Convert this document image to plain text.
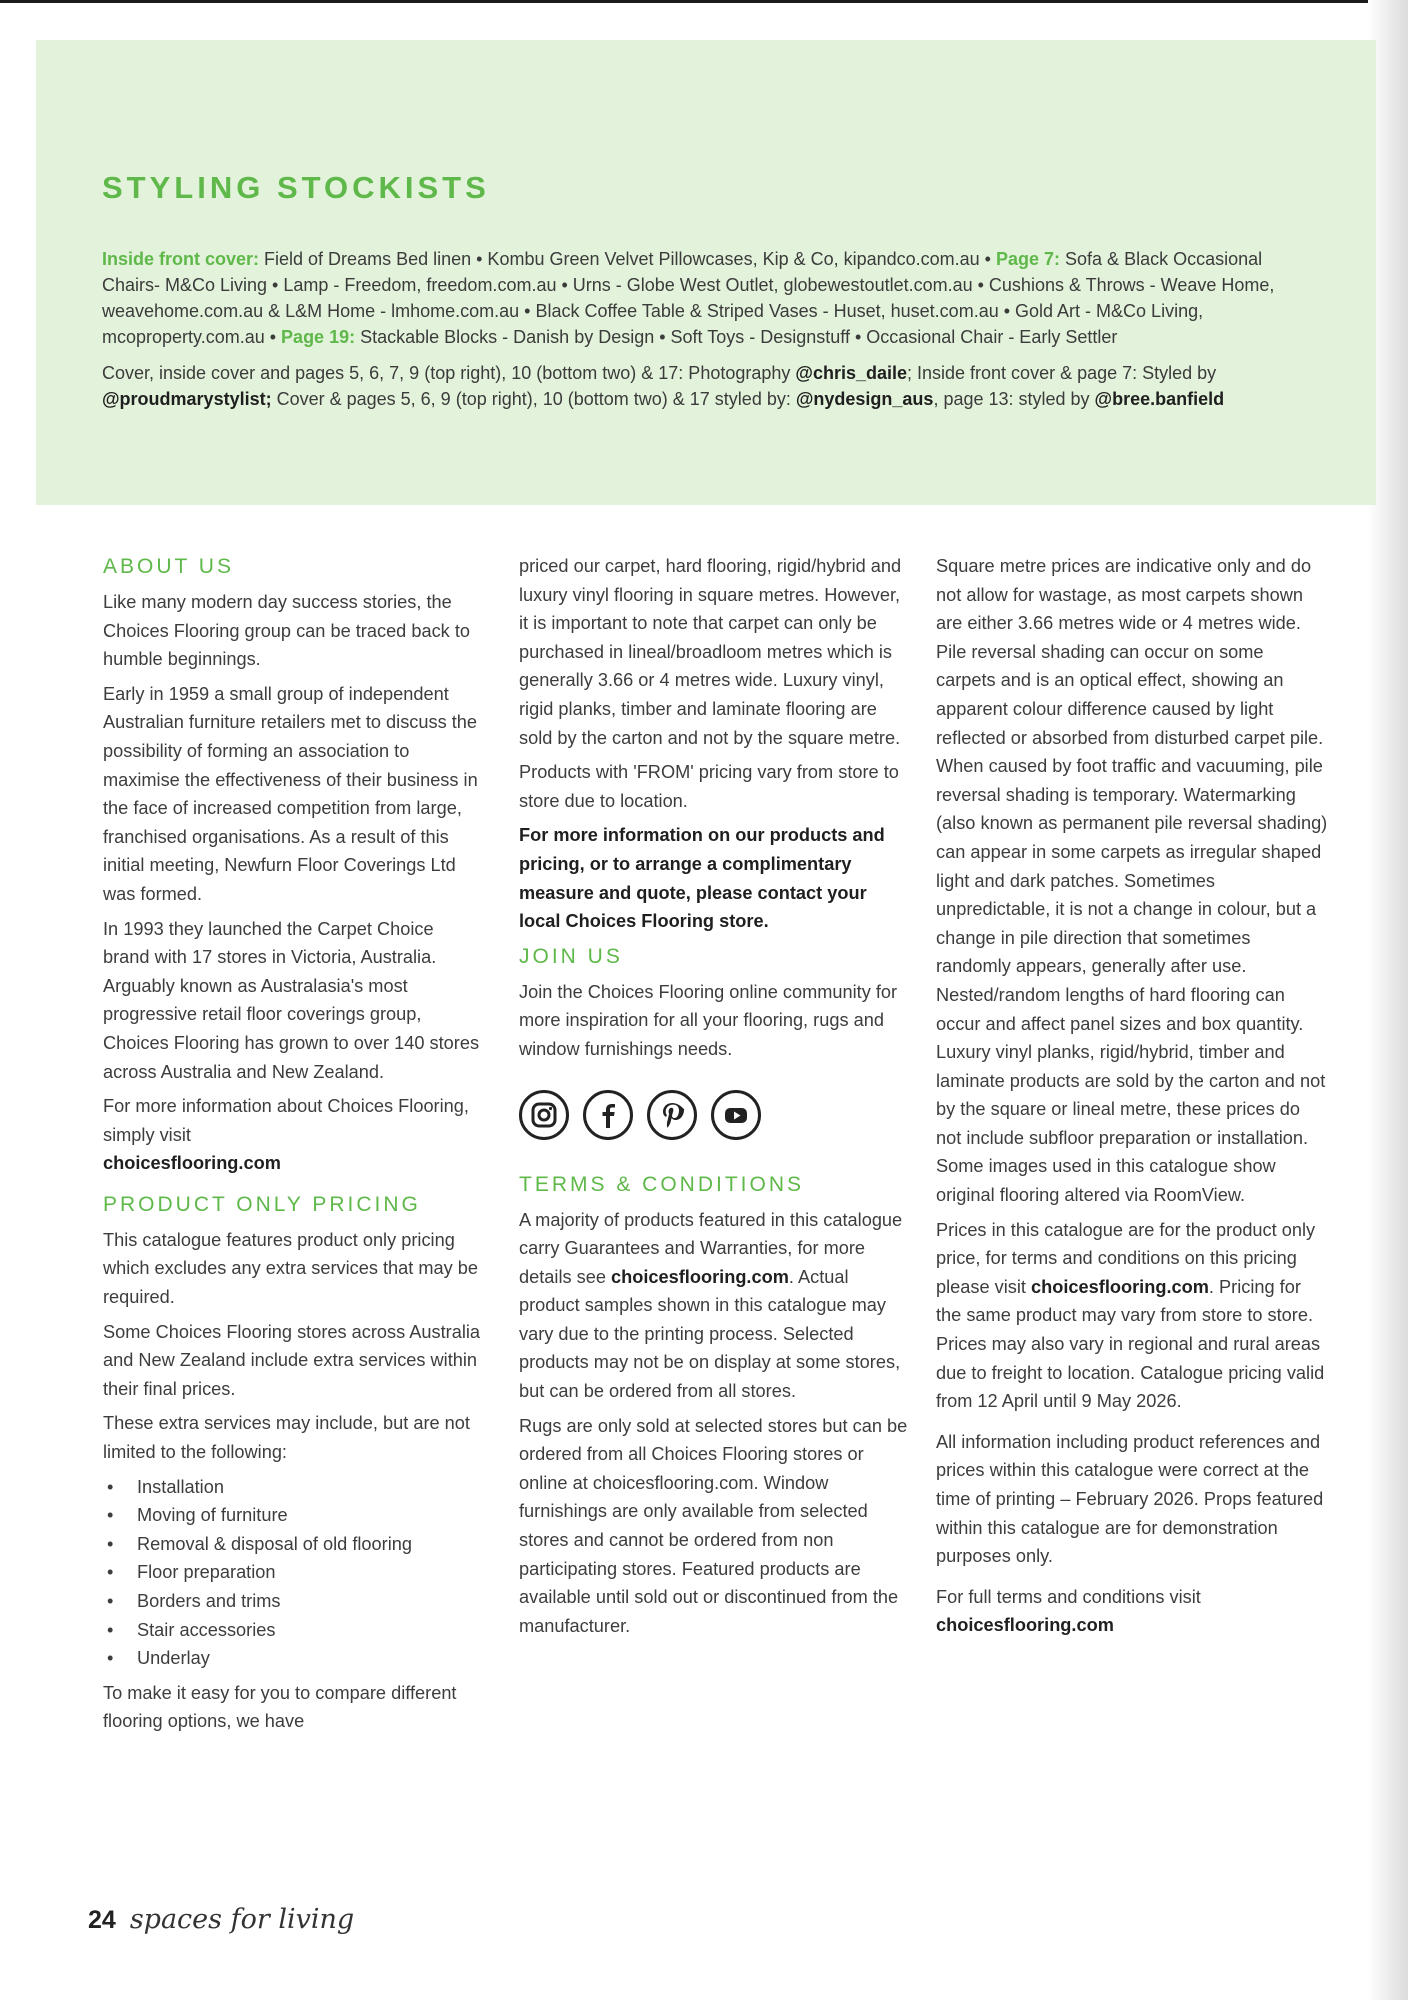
STYLING STOCKISTS

Inside front cover: Field of Dreams Bed linen • Kombu Green Velvet Pillowcases, Kip & Co, kipandco.com.au • Page 7: Sofa & Black Occasional Chairs- M&Co Living • Lamp - Freedom, freedom.com.au • Urns - Globe West Outlet, globewestoutlet.com.au • Cushions & Throws - Weave Home, weavehome.com.au & L&M Home - lmhome.com.au • Black Coffee Table & Striped Vases - Huset, huset.com.au • Gold Art - M&Co Living, mcoproperty.com.au • Page 19: Stackable Blocks - Danish by Design • Soft Toys - Designstuff • Occasional Chair - Early Settler

Cover, inside cover and pages 5, 6, 7, 9 (top right), 10 (bottom two) & 17: Photography @chris_daile; Inside front cover & page 7: Styled by @proudmarystylist; Cover & pages 5, 6, 9 (top right), 10 (bottom two) & 17 styled by: @nydesign_aus, page 13: styled by @bree.banfield

ABOUT US

Like many modern day success stories, the Choices Flooring group can be traced back to humble beginnings.

Early in 1959 a small group of independent Australian furniture retailers met to discuss the possibility of forming an association to maximise the effectiveness of their business in the face of increased competition from large, franchised organisations. As a result of this initial meeting, Newfurn Floor Coverings Ltd was formed.

In 1993 they launched the Carpet Choice brand with 17 stores in Victoria, Australia. Arguably known as Australasia's most progressive retail floor coverings group, Choices Flooring has grown to over 140 stores across Australia and New Zealand.

For more information about Choices Flooring, simply visit
choicesflooring.com

PRODUCT ONLY PRICING

This catalogue features product only pricing which excludes any extra services that may be required.

Some Choices Flooring stores across Australia and New Zealand include extra services within their final prices.

These extra services may include, but are not limited to the following:

• Installation
• Moving of furniture
• Removal & disposal of old flooring
• Floor preparation
• Borders and trims
• Stair accessories
• Underlay

To make it easy for you to compare different flooring options, we have

priced our carpet, hard flooring, rigid/hybrid and luxury vinyl flooring in square metres. However, it is important to note that carpet can only be purchased in lineal/broadloom metres which is generally 3.66 or 4 metres wide. Luxury vinyl, rigid planks, timber and laminate flooring are sold by the carton and not by the square metre.

Products with 'FROM' pricing vary from store to store due to location.

For more information on our products and pricing, or to arrange a complimentary measure and quote, please contact your local Choices Flooring store.

JOIN US

Join the Choices Flooring online community for more inspiration for all your flooring, rugs and window furnishings needs.

TERMS & CONDITIONS

A majority of products featured in this catalogue carry Guarantees and Warranties, for more details see choicesflooring.com. Actual product samples shown in this catalogue may vary due to the printing process. Selected products may not be on display at some stores, but can be ordered from all stores.

Rugs are only sold at selected stores but can be ordered from all Choices Flooring stores or online at choicesflooring.com. Window furnishings are only available from selected stores and cannot be ordered from non participating stores. Featured products are available until sold out or discontinued from the manufacturer.

Square metre prices are indicative only and do not allow for wastage, as most carpets shown are either 3.66 metres wide or 4 metres wide. Pile reversal shading can occur on some carpets and is an optical effect, showing an apparent colour difference caused by light reflected or absorbed from disturbed carpet pile. When caused by foot traffic and vacuuming, pile reversal shading is temporary. Watermarking (also known as permanent pile reversal shading) can appear in some carpets as irregular shaped light and dark patches. Sometimes unpredictable, it is not a change in colour, but a change in pile direction that sometimes randomly appears, generally after use. Nested/random lengths of hard flooring can occur and affect panel sizes and box quantity. Luxury vinyl planks, rigid/hybrid, timber and laminate products are sold by the carton and not by the square or lineal metre, these prices do not include subfloor preparation or installation. Some images used in this catalogue show original flooring altered via RoomView.

Prices in this catalogue are for the product only price, for terms and conditions on this pricing please visit choicesflooring.com. Pricing for the same product may vary from store to store. Prices may also vary in regional and rural areas due to freight to location. Catalogue pricing valid from 12 April until 9 May 2026.

All information including product references and prices within this catalogue were correct at the time of printing – February 2026. Props featured within this catalogue are for demonstration purposes only.

For full terms and conditions visit
choicesflooring.com

24 spaces for living
